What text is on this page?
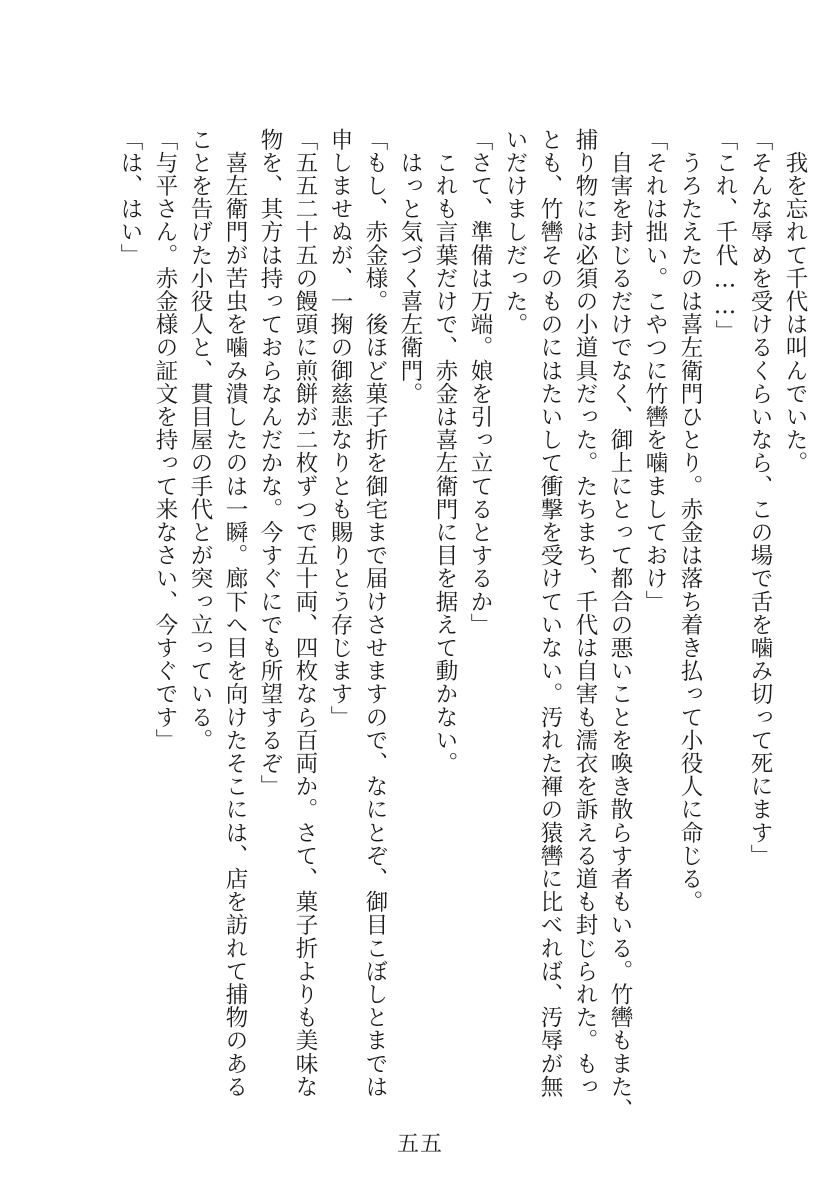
　我を忘れて千代は叫んでいた。
「そんな辱めを受けるくらいなら、この場で舌を噛み切って死にます」
「これ、千代……」
　うろたえたのは喜左衛門ひとり。赤金は落ち着き払って小役人に命じる。
「それは拙い。こやつに竹轡を噛ましておけ」
　自害を封じるだけでなく、御上にとって都合の悪いことを喚き散らす者もいる。竹轡もまた、
捕り物には必須の小道具だった。たちまち、千代は自害も濡衣を訴える道も封じられた。もっ
とも、竹轡そのものにはたいして衝撃を受けていない。汚れた褌の猿轡に比べれば、汚辱が無
いだけましだった。
「さて、準備は万端。娘を引っ立てるとするか」
　これも言葉だけで、赤金は喜左衛門に目を据えて動かない。
　はっと気づく喜左衛門。
「もし、赤金様。後ほど菓子折を御宅まで届けさせますので、なにとぞ、御目こぼしとまでは
申しませぬが、一掬の御慈悲なりとも賜りとう存じます」
「五五二十五の饅頭に煎餅が二枚ずつで五十両、四枚なら百両か。さて、菓子折よりも美味な
物を、其方は持っておらなんだかな。今すぐにでも所望するぞ」
　喜左衛門が苦虫を噛み潰したのは一瞬。廊下へ目を向けたそこには、店を訪れて捕物のある
ことを告げた小役人と、貫目屋の手代とが突っ立っている。
「与平さん。赤金様の証文を持って来なさい、今すぐです」
「は、はい」
五五
